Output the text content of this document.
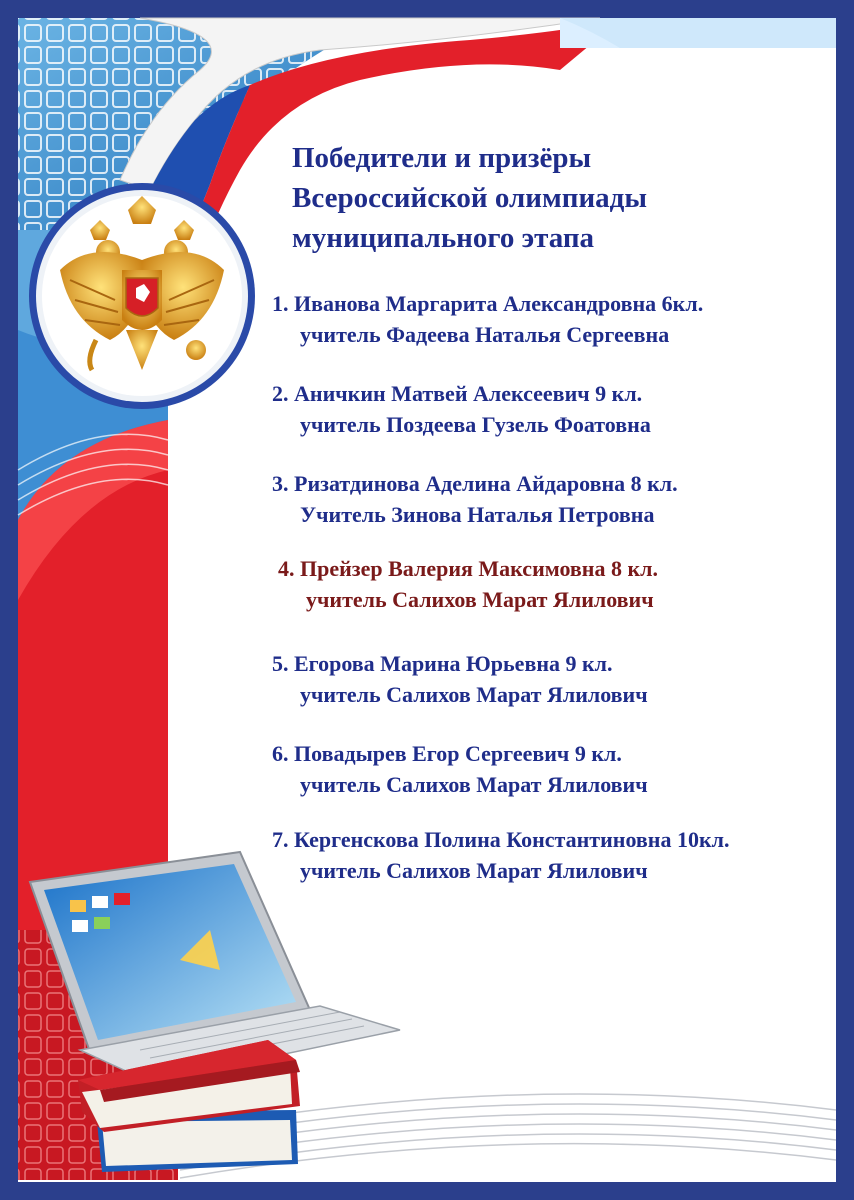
Победители и призёры
Всероссийской олимпиады
муниципального этапа
1. Иванова Маргарита Александровна 6кл.
учитель Фадеева Наталья Сергеевна
2. Аничкин Матвей Алексеевич 9 кл.
учитель Поздеева Гузель Фоатовна
3. Ризатдинова Аделина Айдаровна 8 кл.
Учитель Зинова Наталья Петровна
4. Прейзер Валерия Максимовна 8 кл.
учитель Салихов Марат Ялилович
5. Егорова Марина Юрьевна 9 кл.
учитель Салихов Марат Ялилович
6. Повадырев Егор Сергеевич 9 кл.
учитель Салихов Марат Ялилович
7. Кергенскова Полина Константиновна 10кл.
учитель Салихов Марат Ялилович
